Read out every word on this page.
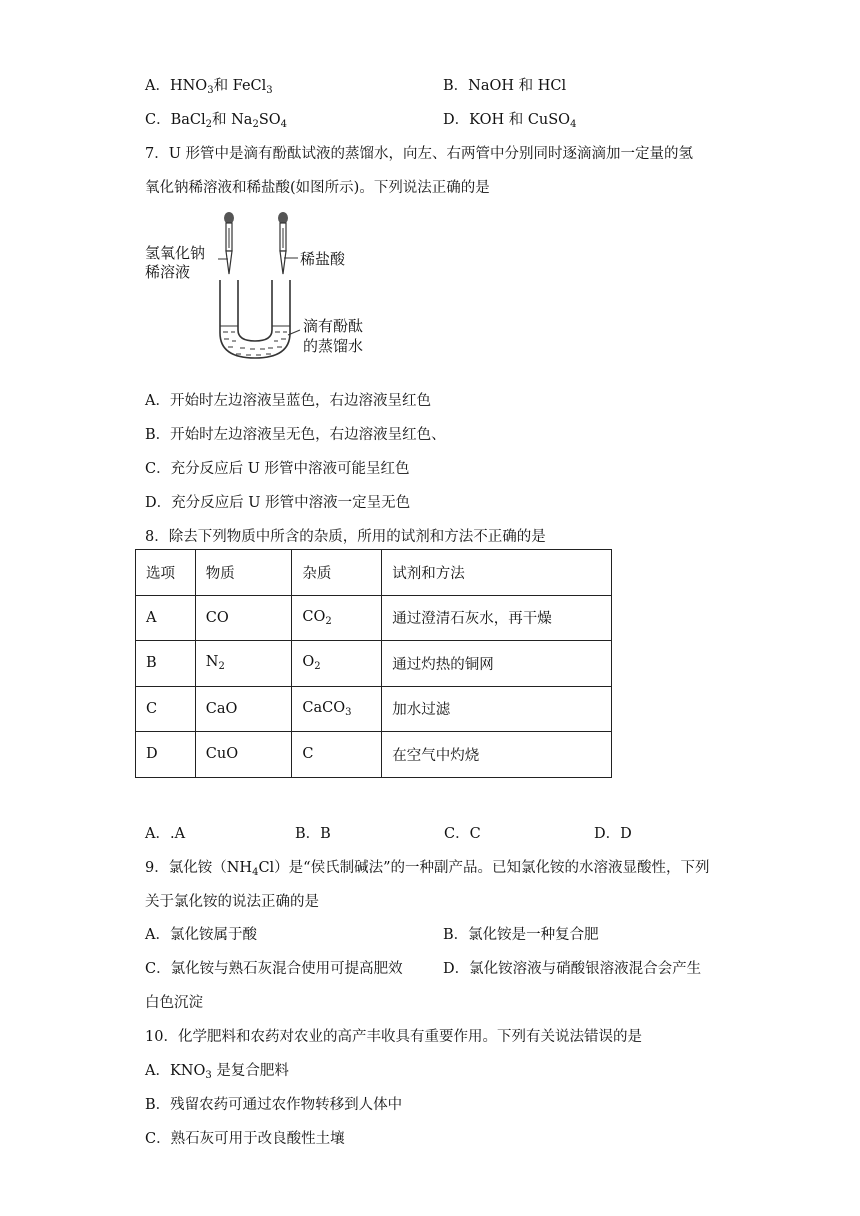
A．$HNO_3$和 FeCl$_3$	B．NaOH 和 HCl
C．BaCl$_2$和 $Na_2SO_4$	D．KOH 和 CuSO$_4$
7．U 形管中是滴有酚酞试液的蒸馏水，向左、右两管中分别同时逐滴滴加一定量的氢
氧化钠稀溶液和稀盐酸(如图所示)。下列说法正确的是
氢氧化钠
稀溶液
稀盐酸
滴有酚酞
的蒸馏水
A．开始时左边溶液呈蓝色，右边溶液呈红色
B．开始时左边溶液呈无色，右边溶液呈红色、
C．充分反应后 U 形管中溶液可能呈红色
D．充分反应后 U 形管中溶液一定呈无色
8．除去下列物质中所含的杂质，所用的试剂和方法不正确的是
选项	物质	杂质	试剂和方法
A	CO	$CO_2$	通过澄清石灰水，再干燥
B	$N_2$	$O_2$	通过灼热的铜网
C	CaO	CaCO$_3$	加水过滤
D	CuO	C	在空气中灼烧
A．.A	B．B	C．C	D．D
9．氯化铵$(NH_4Cl)$是“侯氏制碱法”的一种副产品。已知氯化铵的水溶液显酸性，下列
关于氯化铵的说法正确的是
A．氯化铵属于酸	B．氯化铵是一种复合肥
C．氯化铵与熟石灰混合使用可提高肥效	D．氯化铵溶液与硝酸银溶液混合会产生
白色沉淀
10．化学肥料和农药对农业的高产丰收具有重要作用。下列有关说法错误的是
A．$KNO_3$ 是复合肥料
B．残留农药可通过农作物转移到人体中
C．熟石灰可用于改良酸性土壤
